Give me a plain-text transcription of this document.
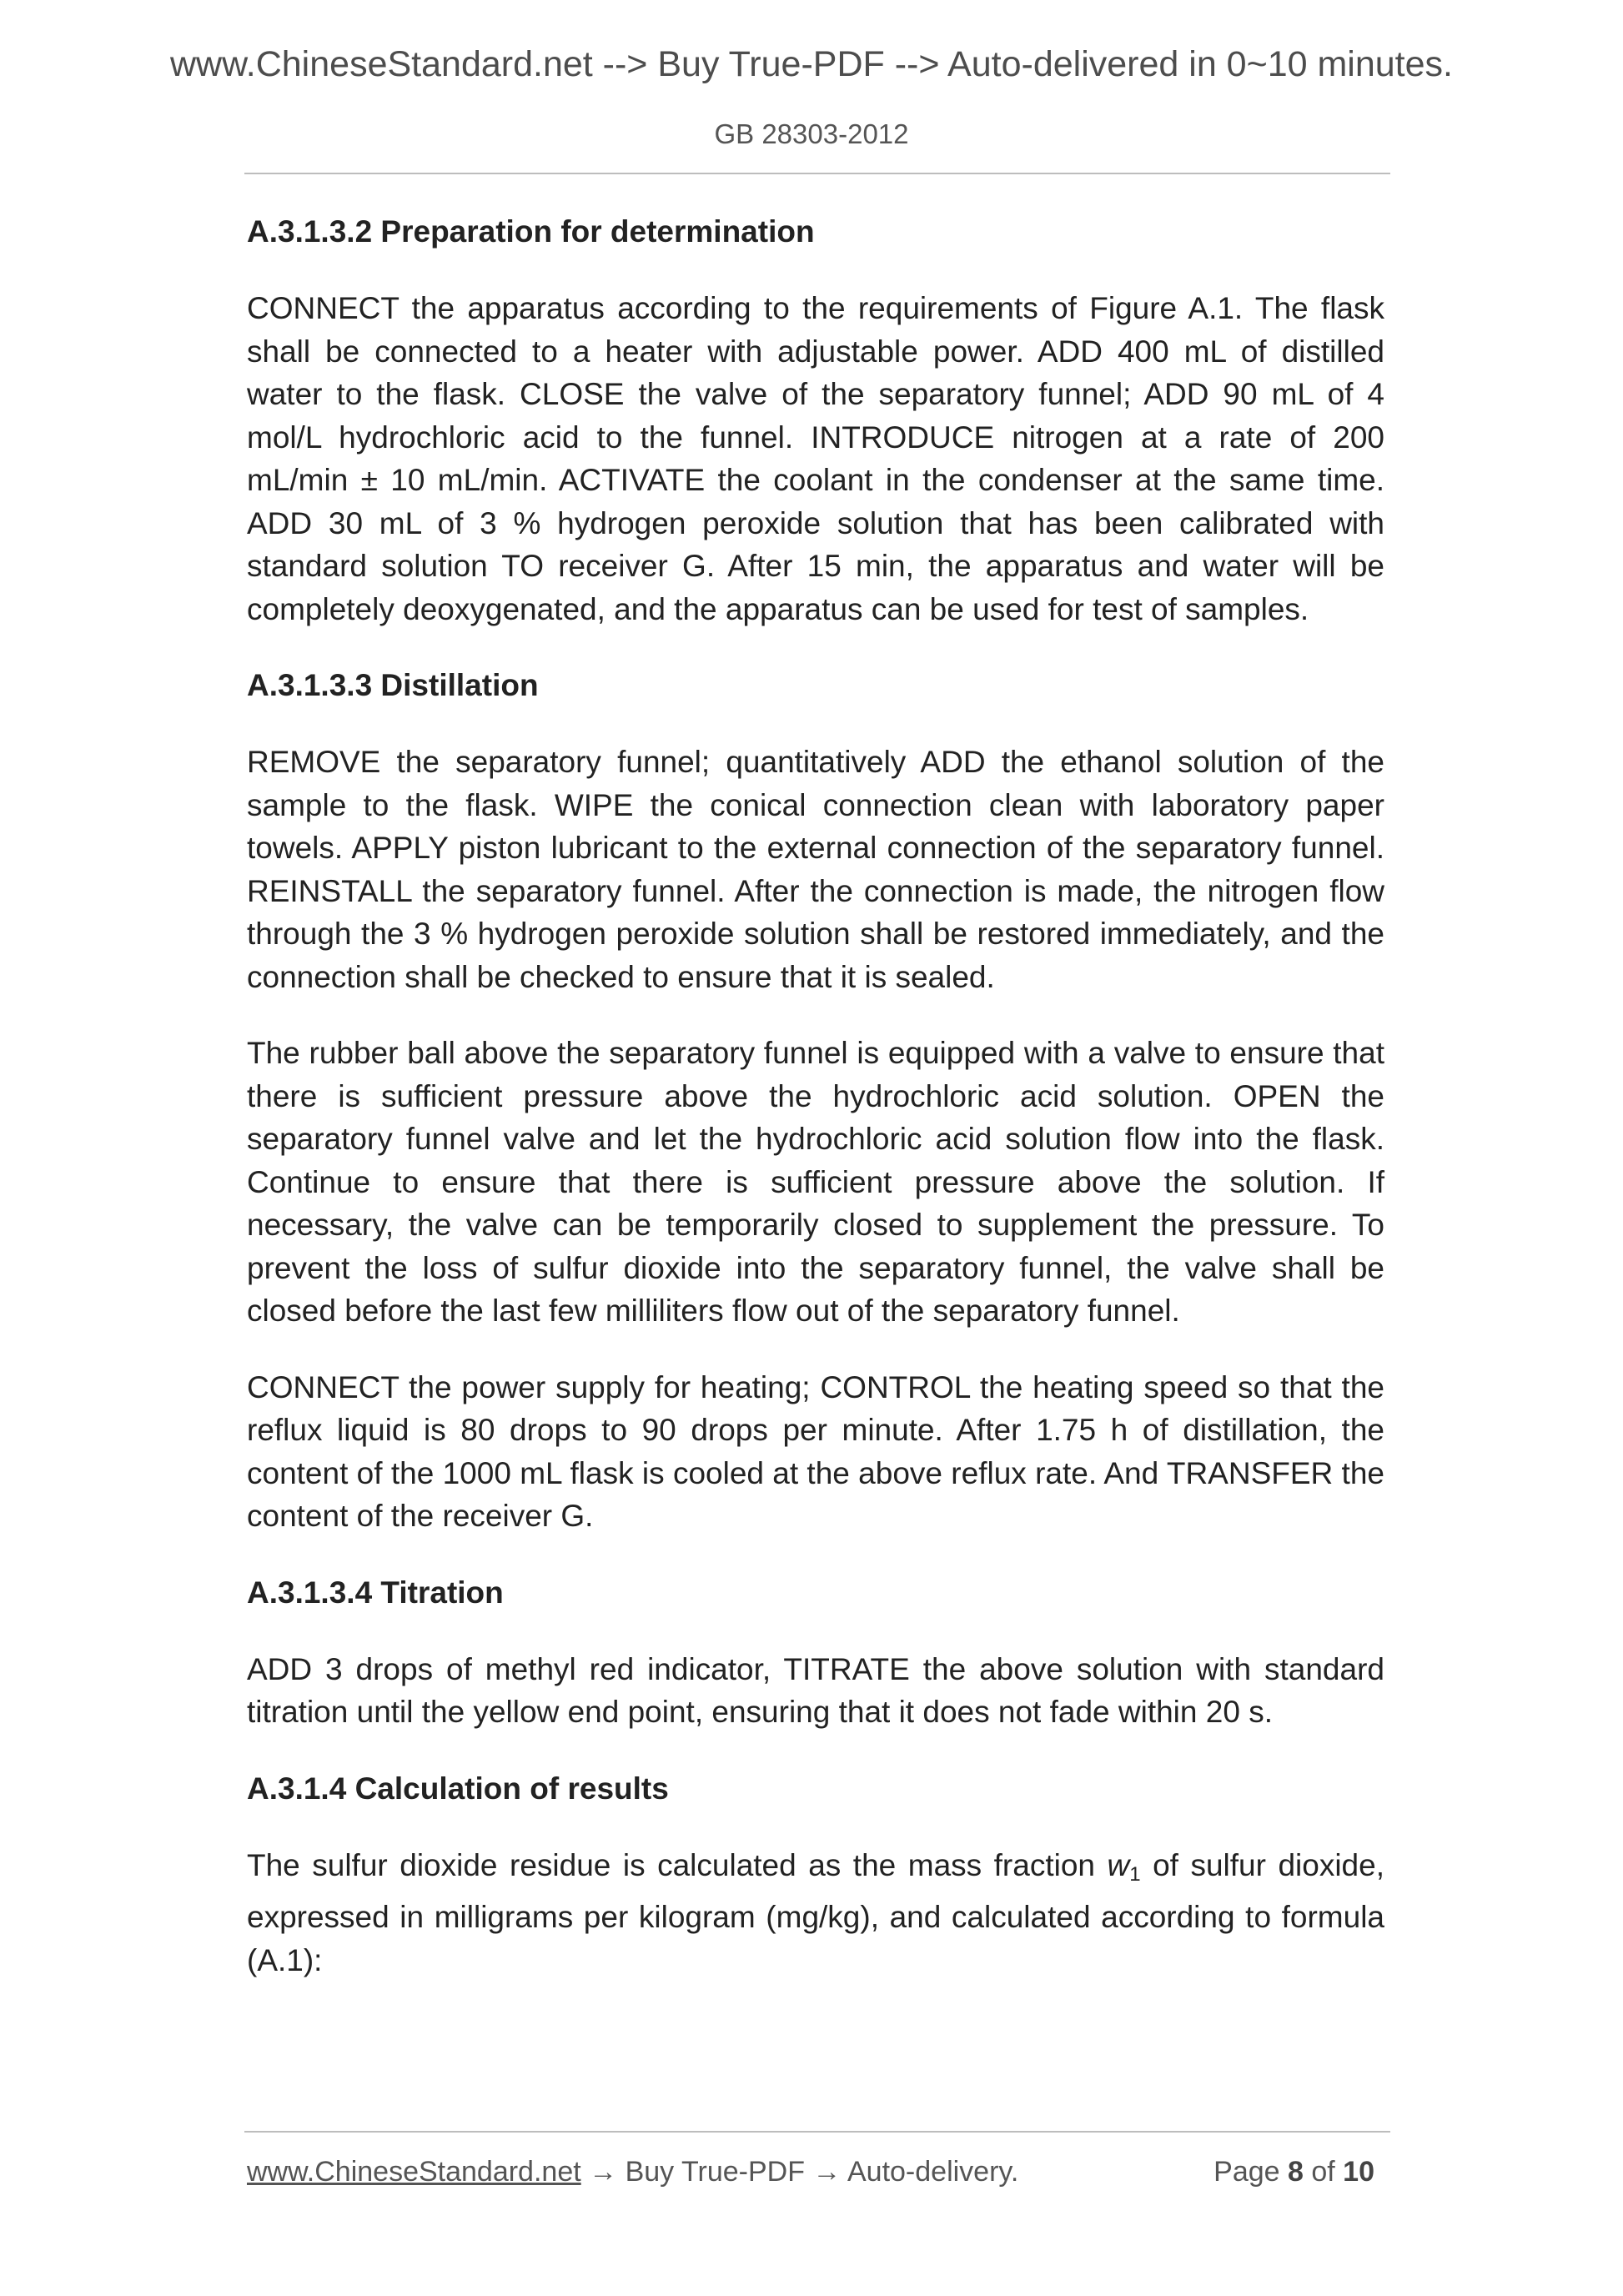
www.ChineseStandard.net --> Buy True-PDF --> Auto-delivered in 0~10 minutes.
GB 28303-2012
A.3.1.3.2 Preparation for determination
CONNECT the apparatus according to the requirements of Figure A.1. The flask shall be connected to a heater with adjustable power. ADD 400 mL of distilled water to the flask. CLOSE the valve of the separatory funnel; ADD 90 mL of 4 mol/L hydrochloric acid to the funnel. INTRODUCE nitrogen at a rate of 200 mL/min ± 10 mL/min. ACTIVATE the coolant in the condenser at the same time. ADD 30 mL of 3 % hydrogen peroxide solution that has been calibrated with standard solution TO receiver G. After 15 min, the apparatus and water will be completely deoxygenated, and the apparatus can be used for test of samples.
A.3.1.3.3 Distillation
REMOVE the separatory funnel; quantitatively ADD the ethanol solution of the sample to the flask. WIPE the conical connection clean with laboratory paper towels. APPLY piston lubricant to the external connection of the separatory funnel. REINSTALL the separatory funnel. After the connection is made, the nitrogen flow through the 3 % hydrogen peroxide solution shall be restored immediately, and the connection shall be checked to ensure that it is sealed.
The rubber ball above the separatory funnel is equipped with a valve to ensure that there is sufficient pressure above the hydrochloric acid solution. OPEN the separatory funnel valve and let the hydrochloric acid solution flow into the flask. Continue to ensure that there is sufficient pressure above the solution. If necessary, the valve can be temporarily closed to supplement the pressure. To prevent the loss of sulfur dioxide into the separatory funnel, the valve shall be closed before the last few milliliters flow out of the separatory funnel.
CONNECT the power supply for heating; CONTROL the heating speed so that the reflux liquid is 80 drops to 90 drops per minute. After 1.75 h of distillation, the content of the 1000 mL flask is cooled at the above reflux rate. And TRANSFER the content of the receiver G.
A.3.1.3.4 Titration
ADD 3 drops of methyl red indicator, TITRATE the above solution with standard titration until the yellow end point, ensuring that it does not fade within 20 s.
A.3.1.4 Calculation of results
The sulfur dioxide residue is calculated as the mass fraction $w_1$ of sulfur dioxide, expressed in milligrams per kilogram (mg/kg), and calculated according to formula (A.1):
www.ChineseStandard.net → Buy True-PDF → Auto-delivery.	Page 8 of 10
